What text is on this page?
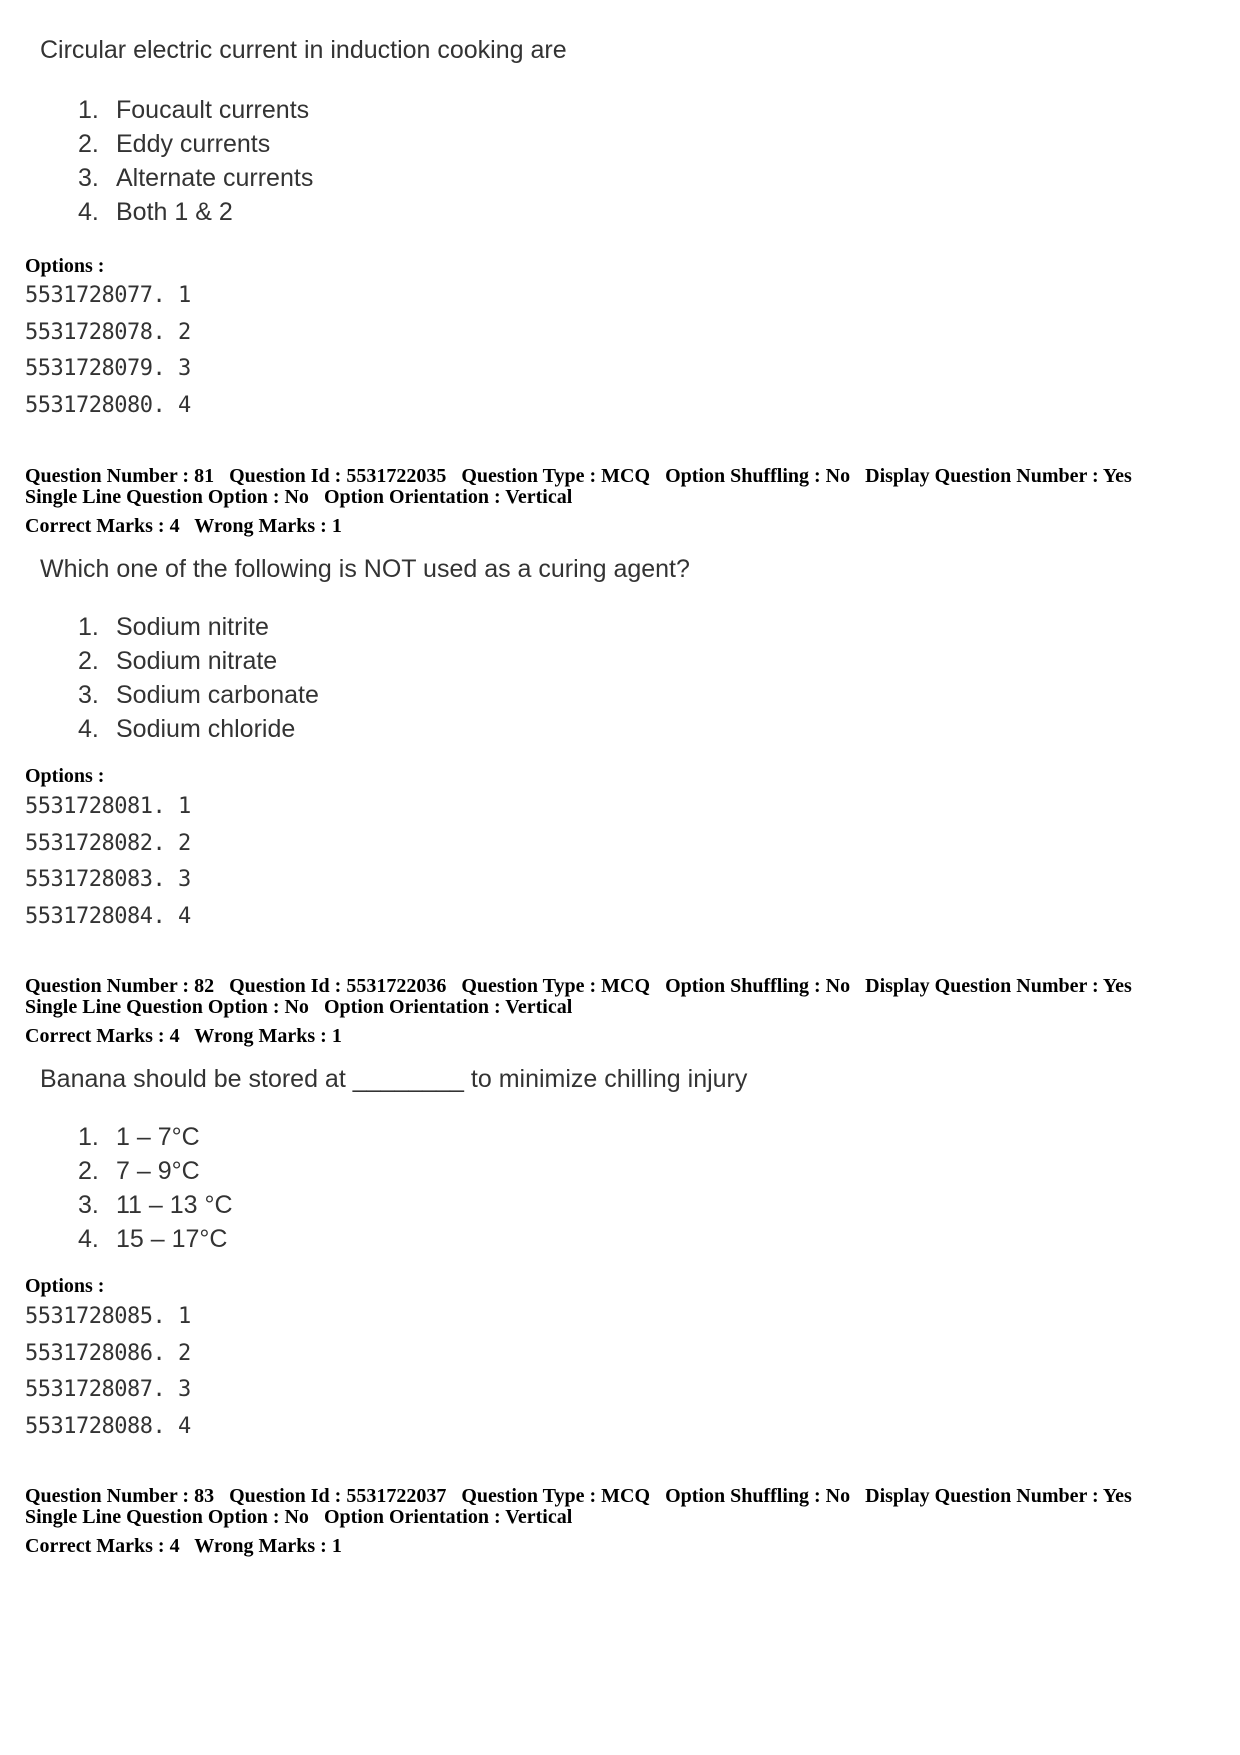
Circular electric current in induction cooking are
1. Foucault currents
2. Eddy currents
3. Alternate currents
4. Both 1 & 2
Options :
5531728077. 1
5531728078. 2
5531728079. 3
5531728080. 4
Question Number : 81 Question Id : 5531722035 Question Type : MCQ Option Shuffling : No Display Question Number : Yes
Single Line Question Option : No Option Orientation : Vertical
Correct Marks : 4 Wrong Marks : 1
Which one of the following is NOT used as a curing agent?
1. Sodium nitrite
2. Sodium nitrate
3. Sodium carbonate
4. Sodium chloride
Options :
5531728081. 1
5531728082. 2
5531728083. 3
5531728084. 4
Question Number : 82 Question Id : 5531722036 Question Type : MCQ Option Shuffling : No Display Question Number : Yes
Single Line Question Option : No Option Orientation : Vertical
Correct Marks : 4 Wrong Marks : 1
Banana should be stored at ________ to minimize chilling injury
1. 1 – 7°C
2. 7 – 9°C
3. 11 – 13 °C
4. 15 – 17°C
Options :
5531728085. 1
5531728086. 2
5531728087. 3
5531728088. 4
Question Number : 83 Question Id : 5531722037 Question Type : MCQ Option Shuffling : No Display Question Number : Yes
Single Line Question Option : No Option Orientation : Vertical
Correct Marks : 4 Wrong Marks : 1
